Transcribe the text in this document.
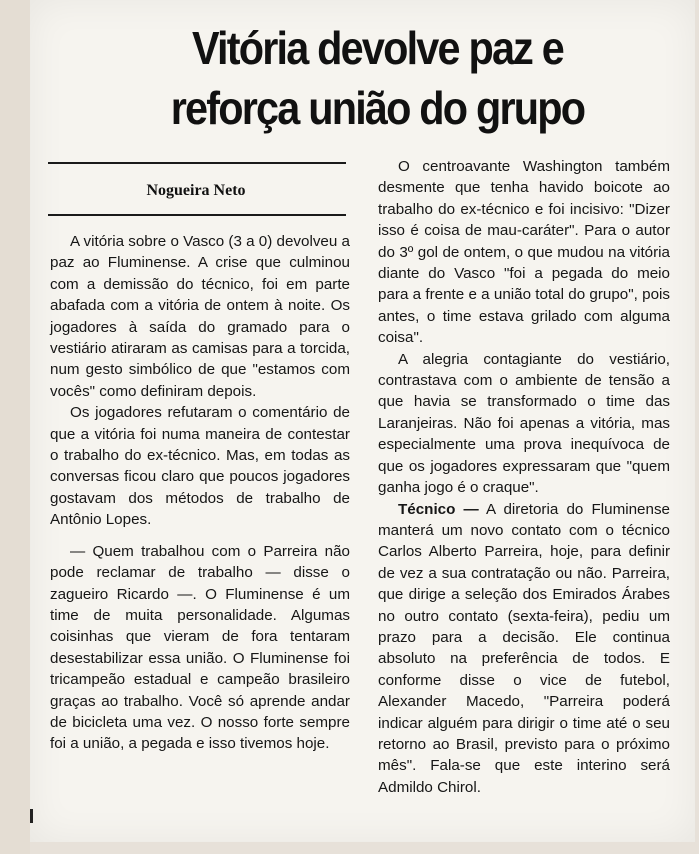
Vitória devolve paz e
reforça união do grupo
Nogueira Neto

A vitória sobre o Vasco (3 a 0) devolveu a paz ao Fluminense. A crise que culminou com a demissão do técnico, foi em parte abafada com a vitória de ontem à noite. Os jogadores à saída do gramado para o vestiário atiraram as camisas para a torcida, num gesto simbólico de que "estamos com vocês" como definiram depois.

Os jogadores refutaram o comentário de que a vitória foi numa maneira de contestar o trabalho do ex-técnico. Mas, em todas as conversas ficou claro que poucos jogadores gostavam dos métodos de trabalho de Antônio Lopes.

— Quem trabalhou com o Parreira não pode reclamar de trabalho — disse o zagueiro Ricardo —. O Fluminense é um time de muita personalidade. Algumas coisinhas que vieram de fora tentaram desestabilizar essa união. O Fluminense foi tricampeão estadual e campeão brasileiro graças ao trabalho. Você só aprende andar de bicicleta uma vez. O nosso forte sempre foi a união, a pegada e isso tivemos hoje.

O centroavante Washington também desmente que tenha havido boicote ao trabalho do ex-técnico e foi incisivo: "Dizer isso é coisa de mau-caráter". Para o autor do 3º gol de ontem, o que mudou na vitória diante do Vasco "foi a pegada do meio para a frente e a união total do grupo", pois antes, o time estava grilado com alguma coisa".

A alegria contagiante do vestiário, contrastava com o ambiente de tensão a que havia se transformado o time das Laranjeiras. Não foi apenas a vitória, mas especialmente uma prova inequívoca de que os jogadores expressaram que "quem ganha jogo é o craque".

Técnico — A diretoria do Fluminense manterá um novo contato com o técnico Carlos Alberto Parreira, hoje, para definir de vez a sua contratação ou não. Parreira, que dirige a seleção dos Emirados Árabes no outro contato (sexta-feira), pediu um prazo para a decisão. Ele continua absoluto na preferência de todos. E conforme disse o vice de futebol, Alexander Macedo, "Parreira poderá indicar alguém para dirigir o time até o seu retorno ao Brasil, previsto para o próximo mês". Fala-se que este interino será Admildo Chirol.
